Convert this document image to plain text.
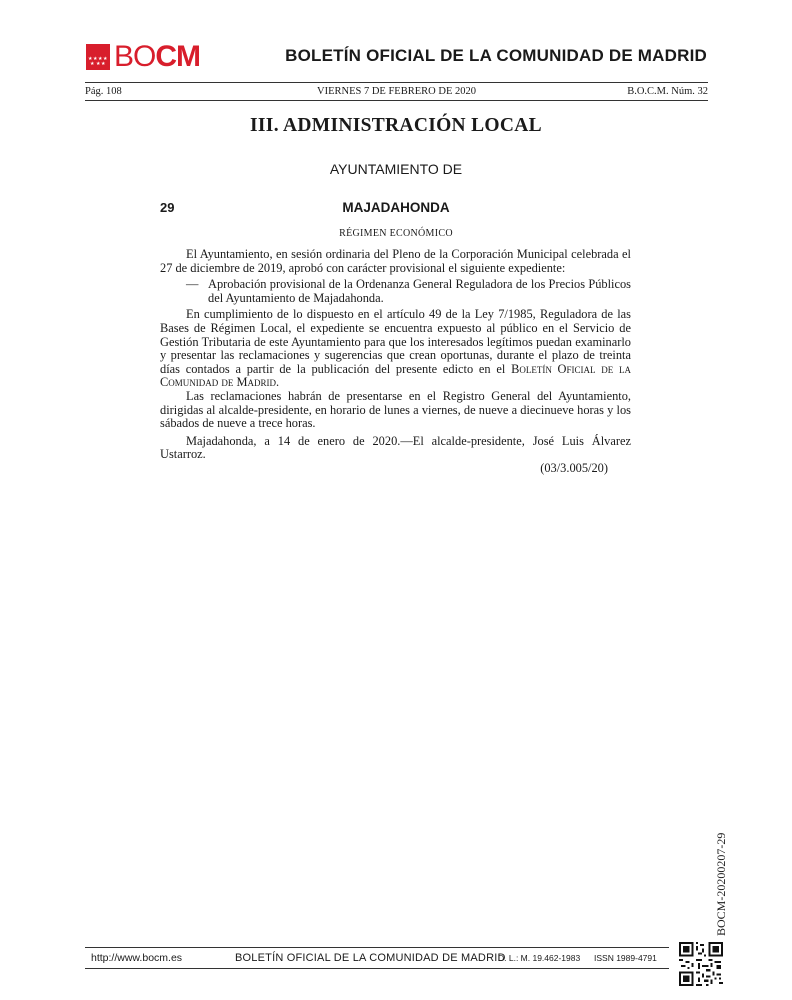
★ ★ ★ ★
★ ★ ★ BOCM	BOLETÍN OFICIAL DE LA COMUNIDAD DE MADRID
Pág. 108	VIERNES 7 DE FEBRERO DE 2020	B.O.C.M. Núm. 32
III. ADMINISTRACIÓN LOCAL
AYUNTAMIENTO DE
MAJADAHONDA
29
RÉGIMEN ECONÓMICO

El Ayuntamiento, en sesión ordinaria del Pleno de la Corporación Municipal celebrada el 27 de diciembre de 2019, aprobó con carácter provisional el siguiente expediente:

— Aprobación provisional de la Ordenanza General Reguladora de los Precios Públicos del Ayuntamiento de Majadahonda.

En cumplimiento de lo dispuesto en el artículo 49 de la Ley 7/1985, Reguladora de las Bases de Régimen Local, el expediente se encuentra expuesto al público en el Servicio de Gestión Tributaria de este Ayuntamiento para que los interesados legítimos puedan examinarlo y presentar las reclamaciones y sugerencias que crean oportunas, durante el plazo de treinta días contados a partir de la publicación del presente edicto en el Boletín Oficial de la Comunidad de Madrid.

Las reclamaciones habrán de presentarse en el Registro General del Ayuntamiento, dirigidas al alcalde-presidente, en horario de lunes a viernes, de nueve a diecinueve horas y los sábados de nueve a trece horas.

Majadahonda, a 14 de enero de 2020.—El alcalde-presidente, José Luis Álvarez Ustarroz.

(03/3.005/20)

BOCM-20200207-29
http://www.bocm.es	BOLETÍN OFICIAL DE LA COMUNIDAD DE MADRID
D. L.: M. 19.462-1983 ISSN 1989-4791
